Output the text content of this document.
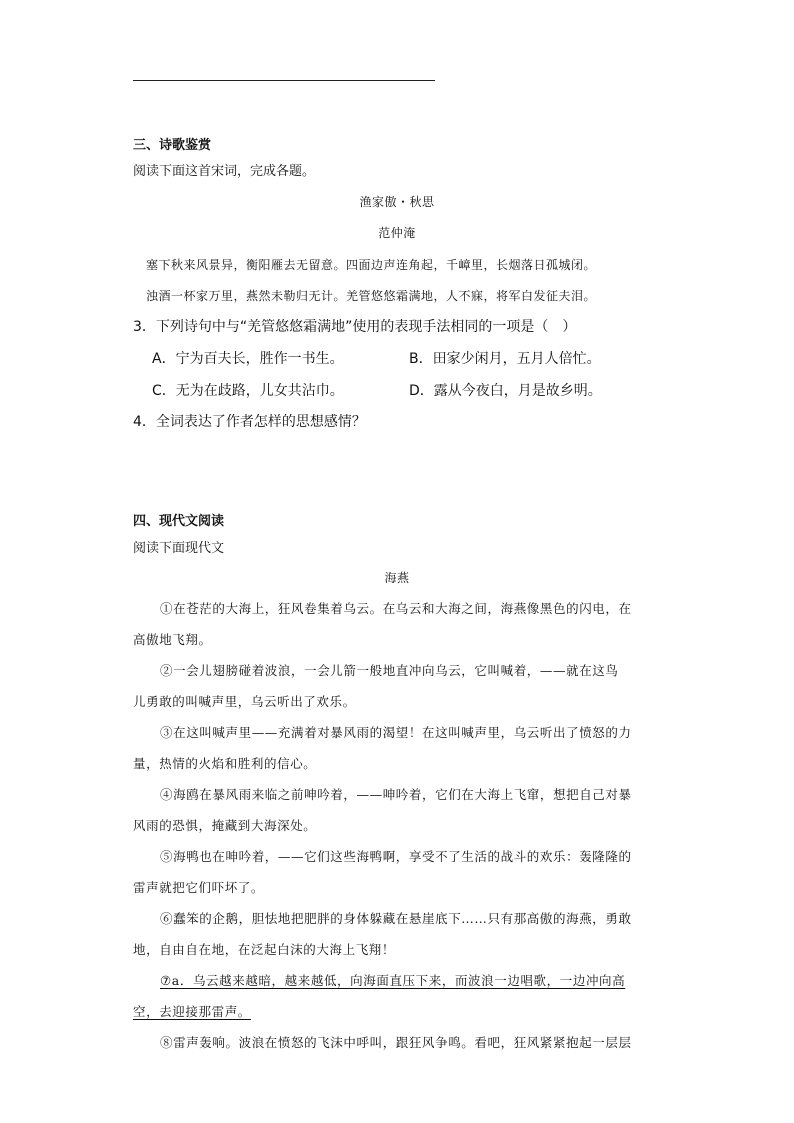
三、诗歌鉴赏
阅读下面这首宋词，完成各题。
渔家傲・秋思
范仲淹
塞下秋来风景异，衡阳雁去无留意。四面边声连角起，千嶂里，长烟落日孤城闭。
浊酒一杯家万里，燕然未勒归无计。羌管悠悠霜满地，人不寐，将军白发征夫泪。
3．下列诗句中与“羌管悠悠霜满地”使用的表现手法相同的一项是（　）
A．宁为百夫长，胜作一书生。	B．田家少闲月，五月人倍忙。
C．无为在歧路，儿女共沾巾。	D．露从今夜白，月是故乡明。
4．全词表达了作者怎样的思想感情？
四、现代文阅读
阅读下面现代文
海燕
①在苍茫的大海上，狂风卷集着乌云。在乌云和大海之间，海燕像黑色的闪电，在
高傲地飞翔。
②一会儿翅膀碰着波浪，一会儿箭一般地直冲向乌云，它叫喊着，——就在这鸟
儿勇敢的叫喊声里，乌云听出了欢乐。
③在这叫喊声里——充满着对暴风雨的渴望！在这叫喊声里，乌云听出了愤怒的力
量，热情的火焰和胜利的信心。
④海鸥在暴风雨来临之前呻吟着，——呻吟着，它们在大海上飞窜，想把自己对暴
风雨的恐惧，掩藏到大海深处。
⑤海鸭也在呻吟着，——它们这些海鸭啊，享受不了生活的战斗的欢乐：轰隆隆的
雷声就把它们吓坏了。
⑥蠢笨的企鹅，胆怯地把肥胖的身体躲藏在悬崖底下……只有那高傲的海燕，勇敢
地，自由自在地，在泛起白沫的大海上飞翔！
⑦a．乌云越来越暗，越来越低，向海面直压下来，而波浪一边唱歌，一边冲向高
空，去迎接那雷声。
⑧雷声轰响。波浪在愤怒的飞沫中呼叫，跟狂风争鸣。看吧，狂风紧紧抱起一层层
